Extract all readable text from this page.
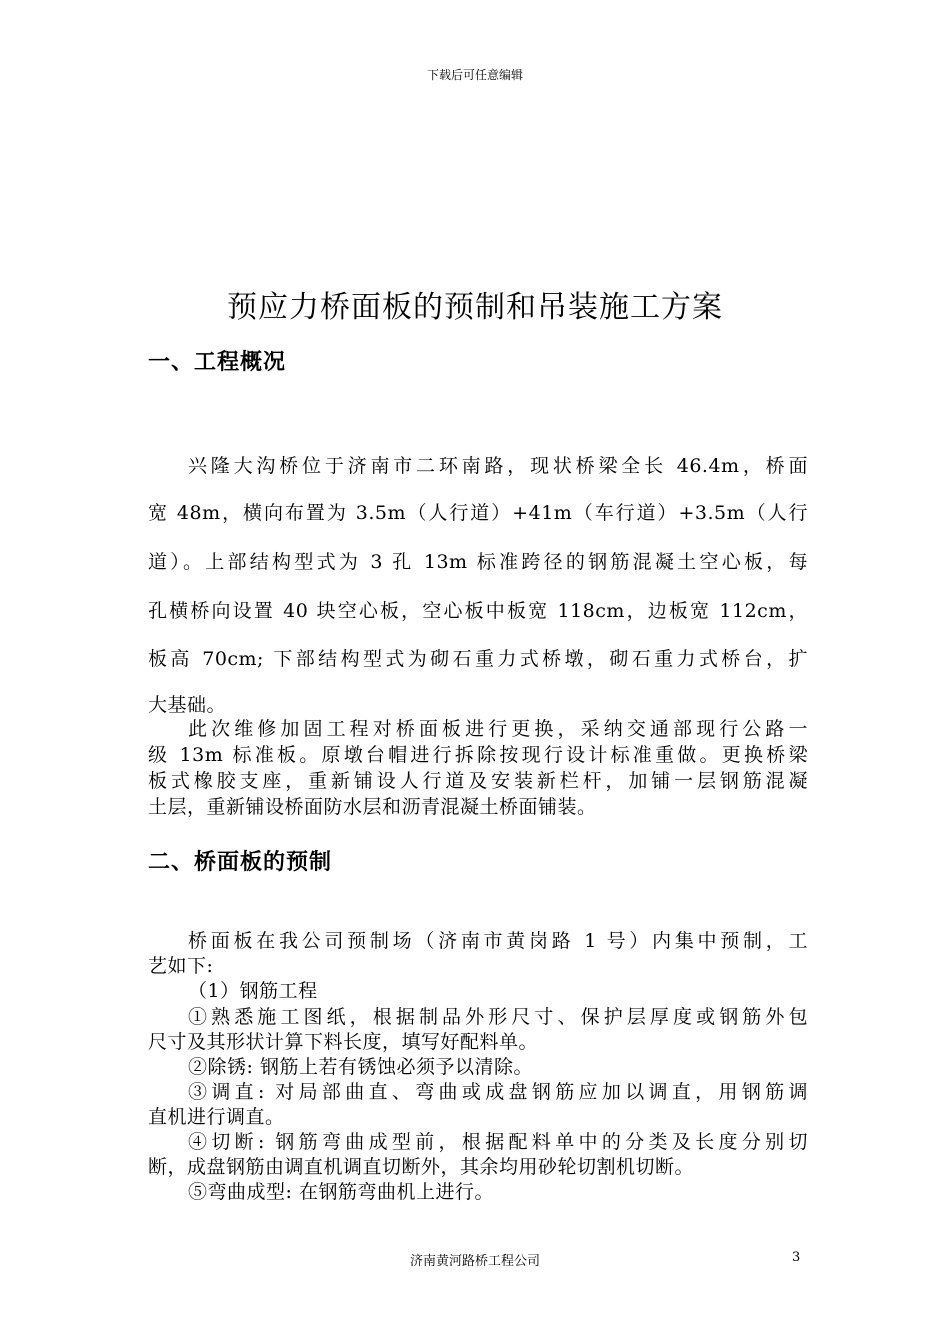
下载后可任意编辑
预应力桥面板的预制和吊装施工方案
一、工程概况

兴隆大沟桥位于济南市二环南路，现状桥梁全长 46.4m，桥面

宽 48m，横向布置为 3.5m（人行道）+41m（车行道）+3.5m（人行

道）。上部结构型式为 3 孔 13m 标准跨径的钢筋混凝土空心板，每

孔横桥向设置 40 块空心板，空心板中板宽 118cm，边板宽 112cm，

板高 70cm; 下部结构型式为砌石重力式桥墩，砌石重力式桥台，扩

大基础。

此次维修加固工程对桥面板进行更换，采纳交通部现行公路一

级 13m 标准板。原墩台帽进行拆除按现行设计标准重做。更换桥梁

板式橡胶支座，重新铺设人行道及安装新栏杆，加铺一层钢筋混凝

土层，重新铺设桥面防水层和沥青混凝土桥面铺装。

二、桥面板的预制

桥面板在我公司预制场（济南市黄岗路 1 号）内集中预制，工

艺如下:

（1）钢筋工程

①熟悉施工图纸，根据制品外形尺寸、保护层厚度或钢筋外包

尺寸及其形状计算下料长度，填写好配料单。

②除锈: 钢筋上若有锈蚀必须予以清除。

③调直: 对局部曲直、弯曲或成盘钢筋应加以调直，用钢筋调

直机进行调直。

④切断: 钢筋弯曲成型前，根据配料单中的分类及长度分别切

断，成盘钢筋由调直机调直切断外，其余均用砂轮切割机切断。

⑤弯曲成型: 在钢筋弯曲机上进行。

济南黄河路桥工程公司	3
